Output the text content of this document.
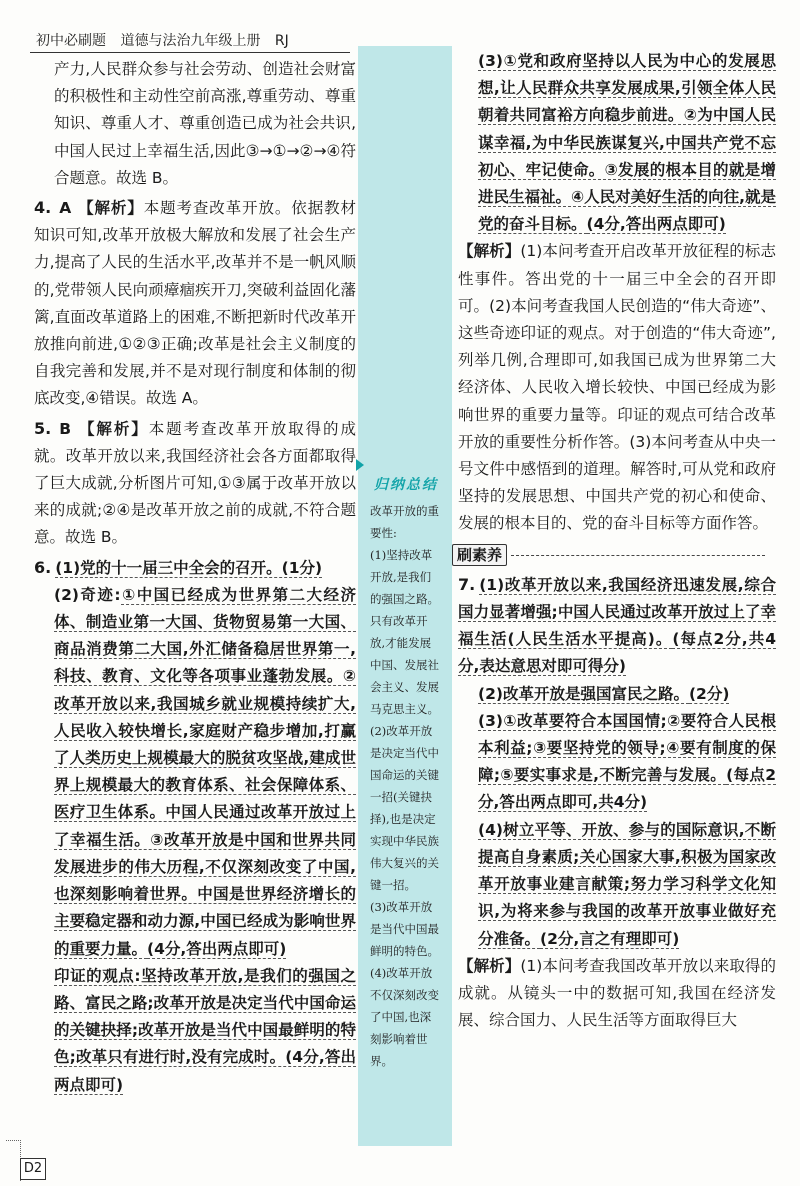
初中必刷题 道德与法治九年级上册 RJ

产力,人民群众参与社会劳动、创造社会财富的积极性和主动性空前高涨,尊重劳动、尊重知识、尊重人才、尊重创造已成为社会共识,中国人民过上幸福生活,因此③→①→②→④符合题意。故选 B。

4. A 【解析】本题考查改革开放。依据教材知识可知,改革开放极大解放和发展了社会生产力,提高了人民的生活水平,改革并不是一帆风顺的,党带领人民向顽瘴痼疾开刀,突破利益固化藩篱,直面改革道路上的困难,不断把新时代改革开放推向前进,①②③正确;改革是社会主义制度的自我完善和发展,并不是对现行制度和体制的彻底改变,④错误。故选 A。

5. B 【解析】本题考查改革开放取得的成就。改革开放以来,我国经济社会各方面都取得了巨大成就,分析图片可知,①③属于改革开放以来的成就;②④是改革开放之前的成就,不符合题意。故选 B。

6. (1)党的十一届三中全会的召开。(1分)

(2)奇迹:①中国已经成为世界第二大经济体、制造业第一大国、货物贸易第一大国、商品消费第二大国,外汇储备稳居世界第一,科技、教育、文化等各项事业蓬勃发展。②改革开放以来,我国城乡就业规模持续扩大,人民收入较快增长,家庭财产稳步增加,打赢了人类历史上规模最大的脱贫攻坚战,建成世界上规模最大的教育体系、社会保障体系、医疗卫生体系。中国人民通过改革开放过上了幸福生活。③改革开放是中国和世界共同发展进步的伟大历程,不仅深刻改变了中国,也深刻影响着世界。中国是世界经济增长的主要稳定器和动力源,中国已经成为影响世界的重要力量。(4分,答出两点即可)

印证的观点:坚持改革开放,是我们的强国之路、富民之路;改革开放是决定当代中国命运的关键抉择;改革开放是当代中国最鲜明的特色;改革只有进行时,没有完成时。(4分,答出两点即可)

归纳总结
改革开放的重
要性:
(1)坚持改革
开放,是我们
的强国之路。
只有改革开
放,才能发展
中国、发展社
会主义、发展
马克思主义。
(2)改革开放
是决定当代中
国命运的关键
一招(关键抉
择),也是决定
实现中华民族
伟大复兴的关
键一招。
(3)改革开放
是当代中国最
鲜明的特色。
(4)改革开放
不仅深刻改变
了中国,也深
刻影响着世界。

(3)①党和政府坚持以人民为中心的发展思想,让人民群众共享发展成果,引领全体人民朝着共同富裕方向稳步前进。②为中国人民谋幸福,为中华民族谋复兴,中国共产党不忘初心、牢记使命。③发展的根本目的就是增进民生福祉。④人民对美好生活的向往,就是党的奋斗目标。(4分,答出两点即可)

【解析】(1)本问考查开启改革开放征程的标志性事件。答出党的十一届三中全会的召开即可。(2)本问考查我国人民创造的“伟大奇迹”、这些奇迹印证的观点。对于创造的“伟大奇迹”,列举几例,合理即可,如我国已成为世界第二大经济体、人民收入增长较快、中国已经成为影响世界的重要力量等。印证的观点可结合改革开放的重要性分析作答。(3)本问考查从中央一号文件中感悟到的道理。解答时,可从党和政府坚持的发展思想、中国共产党的初心和使命、发展的根本目的、党的奋斗目标等方面作答。

刷素养

7. (1)改革开放以来,我国经济迅速发展,综合国力显著增强;中国人民通过改革开放过上了幸福生活(人民生活水平提高)。(每点2分,共4分,表达意思对即可得分)

(2)改革开放是强国富民之路。(2分)

(3)①改革要符合本国国情;②要符合人民根本利益;③要坚持党的领导;④要有制度的保障;⑤要实事求是,不断完善与发展。(每点2分,答出两点即可,共4分)

(4)树立平等、开放、参与的国际意识,不断提高自身素质;关心国家大事,积极为国家改革开放事业建言献策;努力学习科学文化知识,为将来参与我国的改革开放事业做好充分准备。(2分,言之有理即可)

【解析】(1)本问考查我国改革开放以来取得的成就。从镜头一中的数据可知,我国在经济发展、综合国力、人民生活等方面取得巨大

D2
